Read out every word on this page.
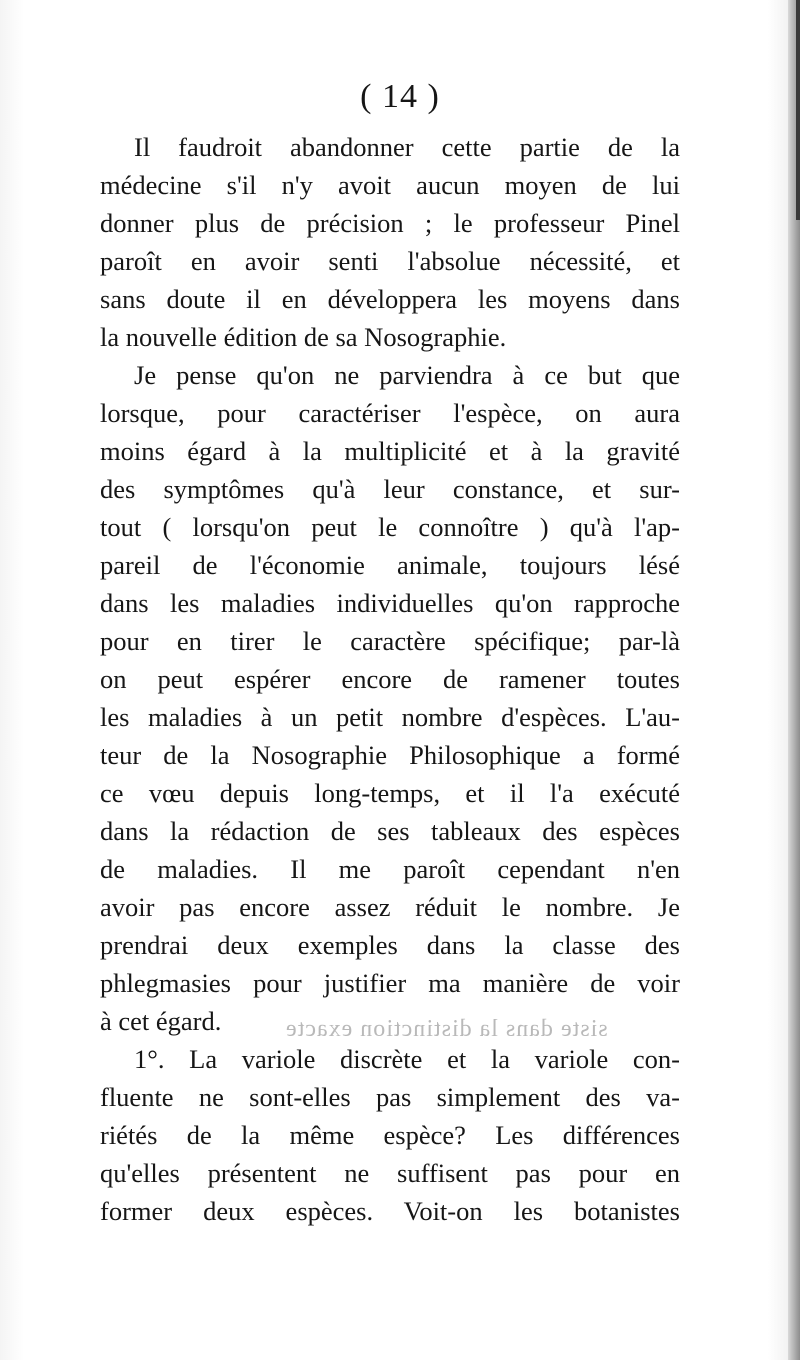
( 14 )
siste dans la distinction exacte
Il faudroit abandonner cette partie de la
médecine s'il n'y avoit aucun moyen de lui
donner plus de précision ; le professeur Pinel
paroît en avoir senti l'absolue nécessité, et
sans doute il en développera les moyens dans
la nouvelle édition de sa Nosographie.
Je pense qu'on ne parviendra à ce but que
lorsque, pour caractériser l'espèce, on aura
moins égard à la multiplicité et à la gravité
des symptômes qu'à leur constance, et sur-
tout ( lorsqu'on peut le connoître ) qu'à l'ap-
pareil de l'économie animale, toujours lésé
dans les maladies individuelles qu'on rapproche
pour en tirer le caractère spécifique; par-là
on peut espérer encore de ramener toutes
les maladies à un petit nombre d'espèces. L'au-
teur de la Nosographie Philosophique a formé
ce vœu depuis long-temps, et il l'a exécuté
dans la rédaction de ses tableaux des espèces
de maladies. Il me paroît cependant n'en
avoir pas encore assez réduit le nombre. Je
prendrai deux exemples dans la classe des
phlegmasies pour justifier ma manière de voir
à cet égard.
1°. La variole discrète et la variole con-
fluente ne sont-elles pas simplement des va-
riétés de la même espèce? Les différences
qu'elles présentent ne suffisent pas pour en
former deux espèces. Voit-on les botanistes
